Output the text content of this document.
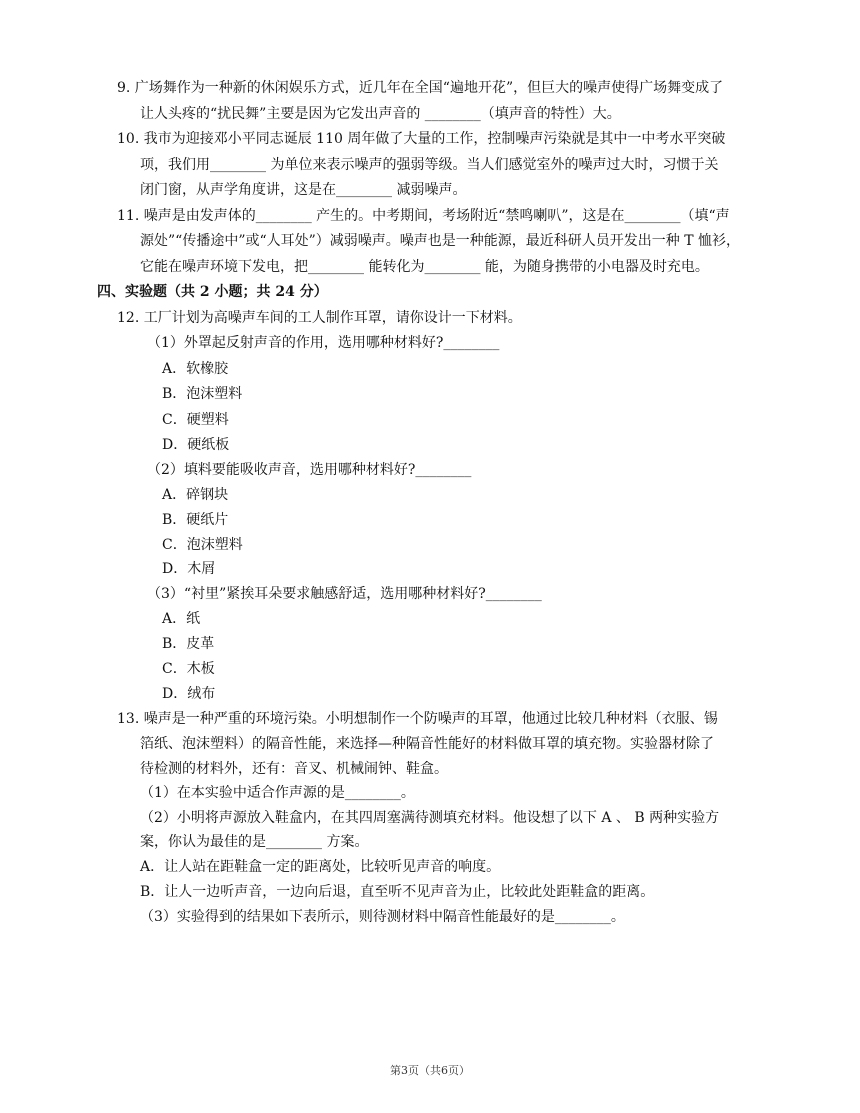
9. 广场舞作为一种新的休闲娱乐方式，近几年在全国“遍地开花”，但巨大的噪声使得广场舞变成了
让人头疼的“扰民舞”主要是因为它发出声音的 ________（填声音的特性）大。
10. 我市为迎接邓小平同志诞辰 110 周年做了大量的工作，控制噪声污染就是其中一中考水平突破
项，我们用________ 为单位来表示噪声的强弱等级。当人们感觉室外的噪声过大时，习惯于关
闭门窗，从声学角度讲，这是在________ 减弱噪声。
11. 噪声是由发声体的________ 产生的。中考期间，考场附近“禁鸣喇叭”，这是在________（填“声
源处”“传播途中”或“人耳处”）减弱噪声。噪声也是一种能源，最近科研人员开发出一种 T 恤衫，
它能在噪声环境下发电，把________ 能转化为________ 能，为随身携带的小电器及时充电。
四、实验题（共 2 小题；共 24 分）
12. 工厂计划为高噪声车间的工人制作耳罩，请你设计一下材料。
（1）外罩起反射声音的作用，选用哪种材料好?________
A．软橡胶
B．泡沫塑料
C．硬塑料
D．硬纸板
（2）填料要能吸收声音，选用哪种材料好?________
A．碎钢块
B．硬纸片
C．泡沫塑料
D．木屑
（3）“衬里”紧挨耳朵要求触感舒适，选用哪种材料好?________
A．纸
B．皮革
C．木板
D．绒布
13. 噪声是一种严重的环境污染。小明想制作一个防噪声的耳罩，他通过比较几种材料（衣服、锡
箔纸、泡沫塑料）的隔音性能，来选择—种隔音性能好的材料做耳罩的填充物。实验器材除了
待检测的材料外，还有：音叉、机械闹钟、鞋盒。
（1）在本实验中适合作声源的是________。
（2）小明将声源放入鞋盒内，在其四周塞满待测填充材料。他设想了以下 A 、 B 两种实验方
案，你认为最佳的是________ 方案。
A．让人站在距鞋盒一定的距离处，比较听见声音的响度。
B．让人一边听声音，一边向后退，直至听不见声音为止，比较此处距鞋盒的距离。
（3）实验得到的结果如下表所示，则待测材料中隔音性能最好的是________。
第3页（共6页）
